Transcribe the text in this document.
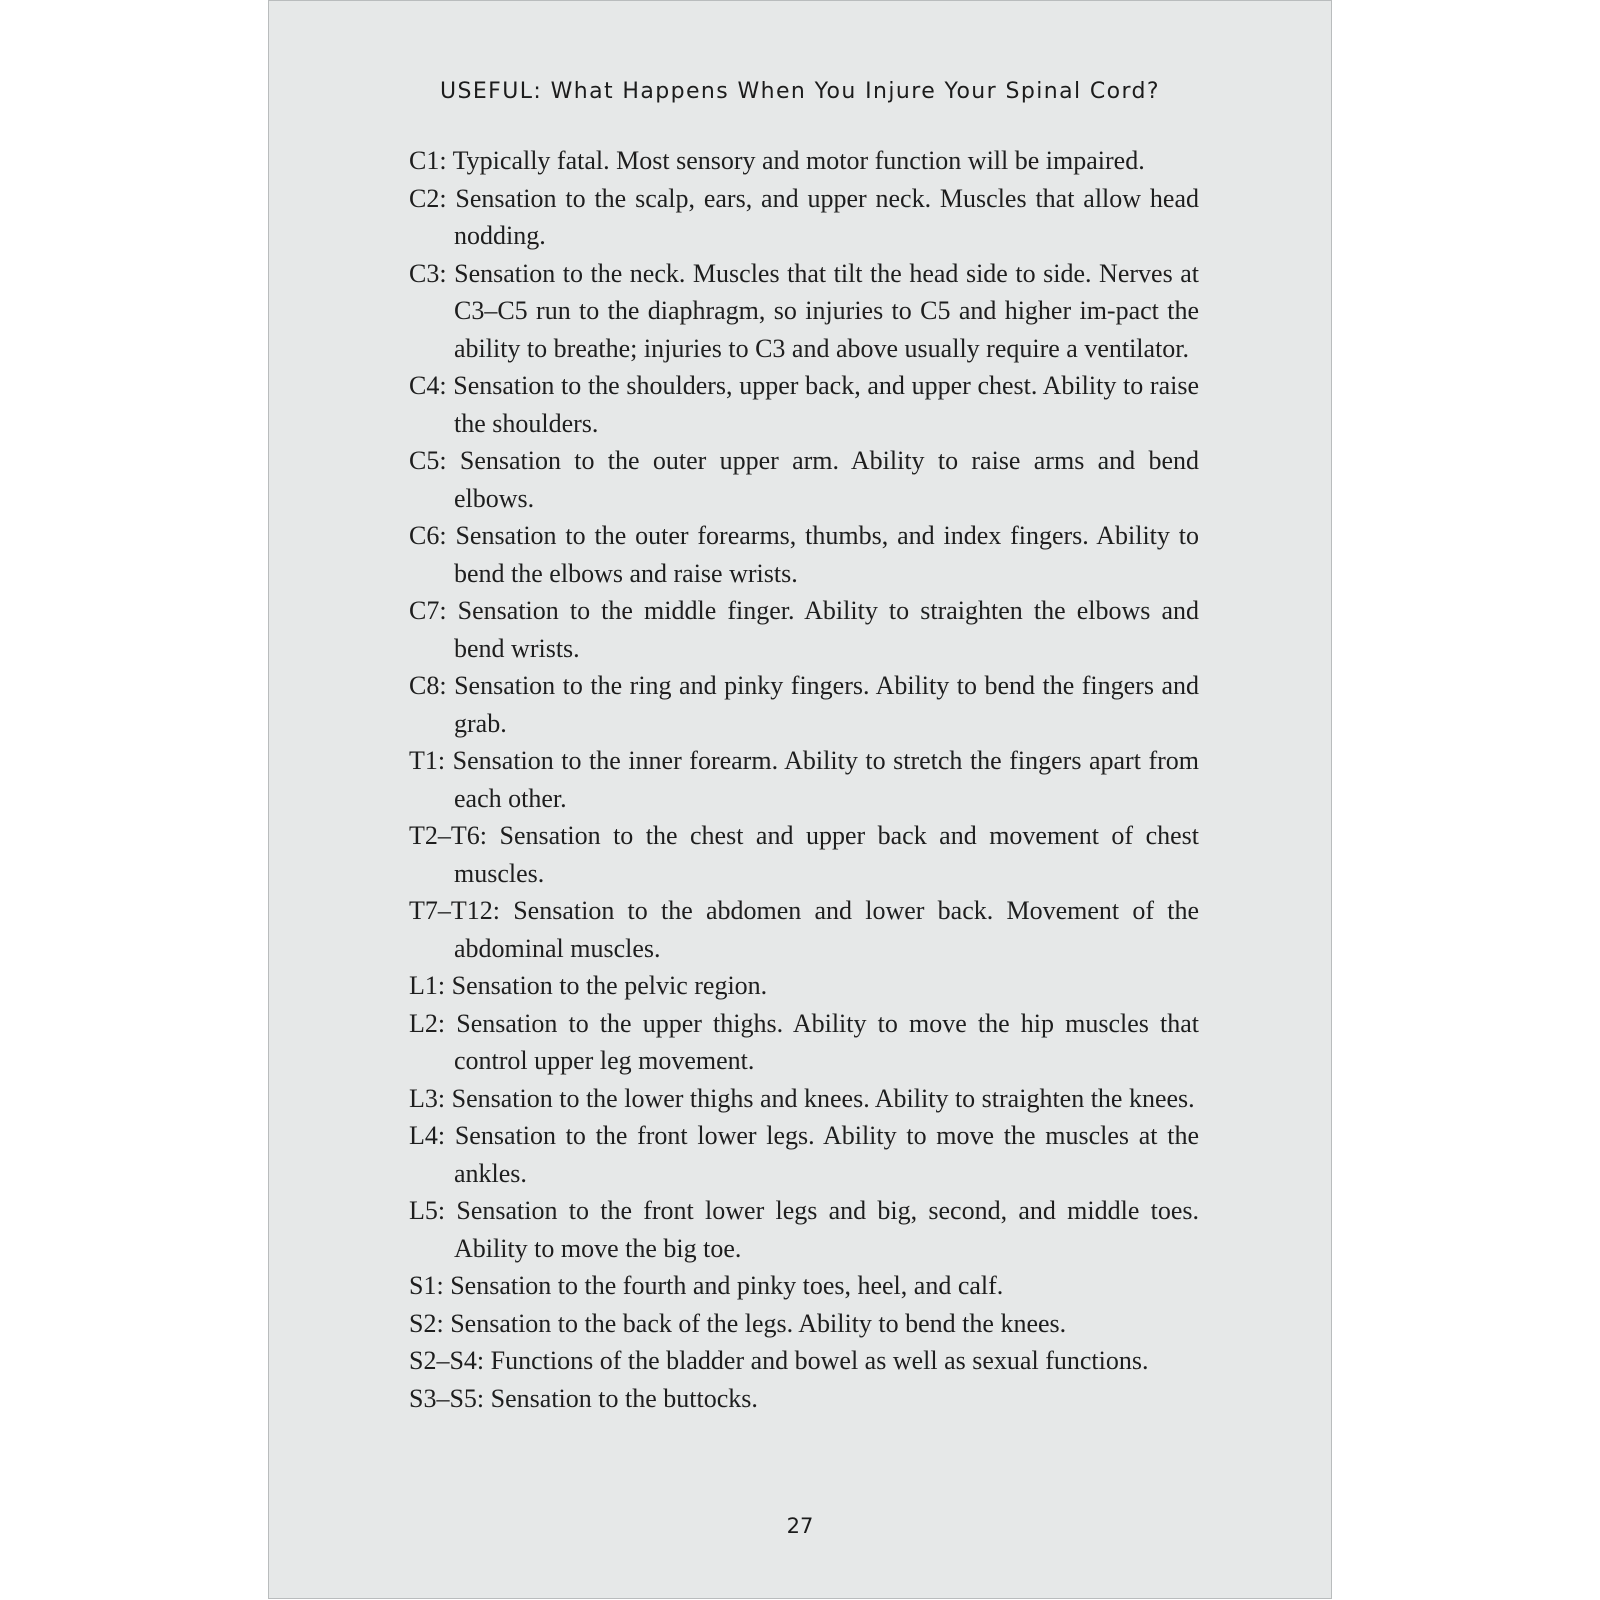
USEFUL: What Happens When You Injure Your Spinal Cord?
C1: Typically fatal. Most sensory and motor function will be impaired.
C2: Sensation to the scalp, ears, and upper neck. Muscles that allow head nodding.
C3: Sensation to the neck. Muscles that tilt the head side to side. Nerves at C3–C5 run to the diaphragm, so injuries to C5 and higher im-pact the ability to breathe; injuries to C3 and above usually require a ventilator.
C4: Sensation to the shoulders, upper back, and upper chest. Ability to raise the shoulders.
C5: Sensation to the outer upper arm. Ability to raise arms and bend elbows.
C6: Sensation to the outer forearms, thumbs, and index fingers. Ability to bend the elbows and raise wrists.
C7: Sensation to the middle finger. Ability to straighten the elbows and bend wrists.
C8: Sensation to the ring and pinky fingers. Ability to bend the fingers and grab.
T1: Sensation to the inner forearm. Ability to stretch the fingers apart from each other.
T2–T6: Sensation to the chest and upper back and movement of chest muscles.
T7–T12: Sensation to the abdomen and lower back. Movement of the abdominal muscles.
L1: Sensation to the pelvic region.
L2: Sensation to the upper thighs. Ability to move the hip muscles that control upper leg movement.
L3: Sensation to the lower thighs and knees. Ability to straighten the knees.
L4: Sensation to the front lower legs. Ability to move the muscles at the ankles.
L5: Sensation to the front lower legs and big, second, and middle toes. Ability to move the big toe.
S1: Sensation to the fourth and pinky toes, heel, and calf.
S2: Sensation to the back of the legs. Ability to bend the knees.
S2–S4: Functions of the bladder and bowel as well as sexual functions.
S3–S5: Sensation to the buttocks.
27
